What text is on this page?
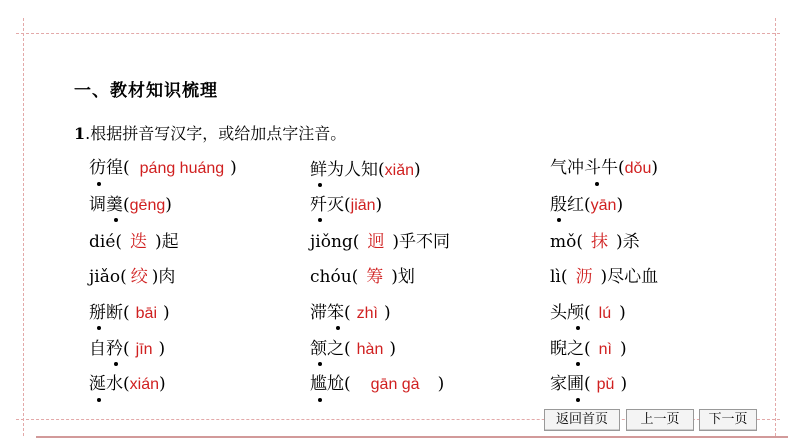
一、教材知识梳理
1.根据拼音写汉字，或给加点字注音。
彷徨( páng huáng )	鲜为人知(xiǎn)	气冲斗牛(dǒu)
调羹(gēng)	歼灭(jiān)	殷红(yān)
dié( 迭 )起	jiǒng( 迥 )乎不同	mǒ( 抹 )杀
jiǎo( 绞 )肉	chóu( 筹 )划	lì( 沥 )尽心血
掰断( bāi )	滞笨( zhì )	头颅( lú )
自矜( jīn )	颔之( hàn )	睨之( nì )
涎水(xián)	尴尬( gān gà )	家圃( pǔ )
返回首页	上一页	下一页
